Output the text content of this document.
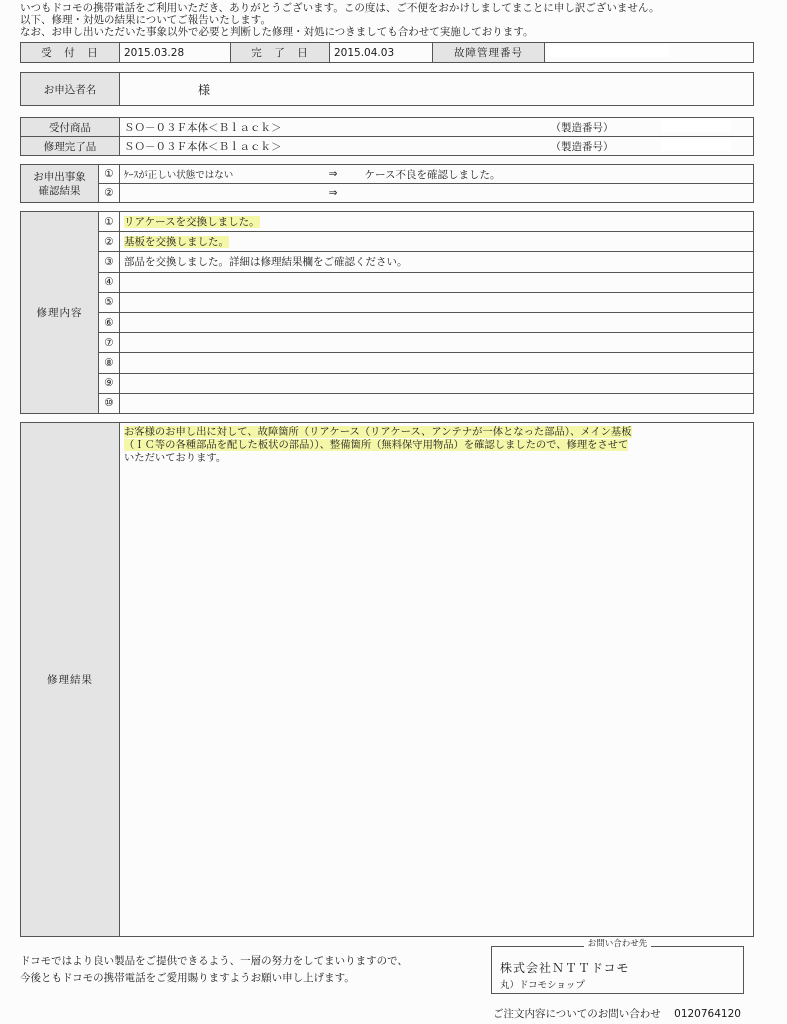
いつもドコモの携帯電話をご利用いただき、ありがとうございます。この度は、ご不便をおかけしましてまことに申し訳ございません。
以下、修理・対処の結果についてご報告いたします。
なお、お申し出いただいた事象以外で必要と判断した修理・対処につきましても合わせて実施しております。
受　付　日	2015.03.28	完　了　日	2015.04.03	故障管理番号	
お申込者名	様
受付商品	ＳＯ－０３Ｆ本体＜Ｂｌａｃｋ＞	（製造番号）	
修理完了品	ＳＯ－０３Ｆ本体＜Ｂｌａｃｋ＞	（製造番号）	
お申出事象
確認結果	①	ｹｰｽが正しい状態ではない	⇒	ケース不良を確認しました。
	②		⇒	
修理内容	①	リアケースを交換しました。
	②	基板を交換しました。
	③	部品を交換しました。詳細は修理結果欄をご確認ください。
	④	
	⑤	
	⑥	
	⑦	
	⑧	
	⑨	
	⑩	
修理結果	
お客様のお申し出に対して、故障箇所（リアケース（リアケース、アンテナが一体となった部品）、メイン基板
（ＩＣ等の各種部品を配した板状の部品））、整備箇所（無料保守用物品）を確認しましたので、修理をさせて
いただいております。
ドコモではより良い製品をご提供できるよう、一層の努力をしてまいりますので、
今後ともドコモの携帯電話をご愛用賜りますようお願い申し上げます。
お問い合わせ先
株式会社ＮＴＴドコモ
丸）ドコモショップ
ご注文内容についてのお問い合わせ 0120764120
